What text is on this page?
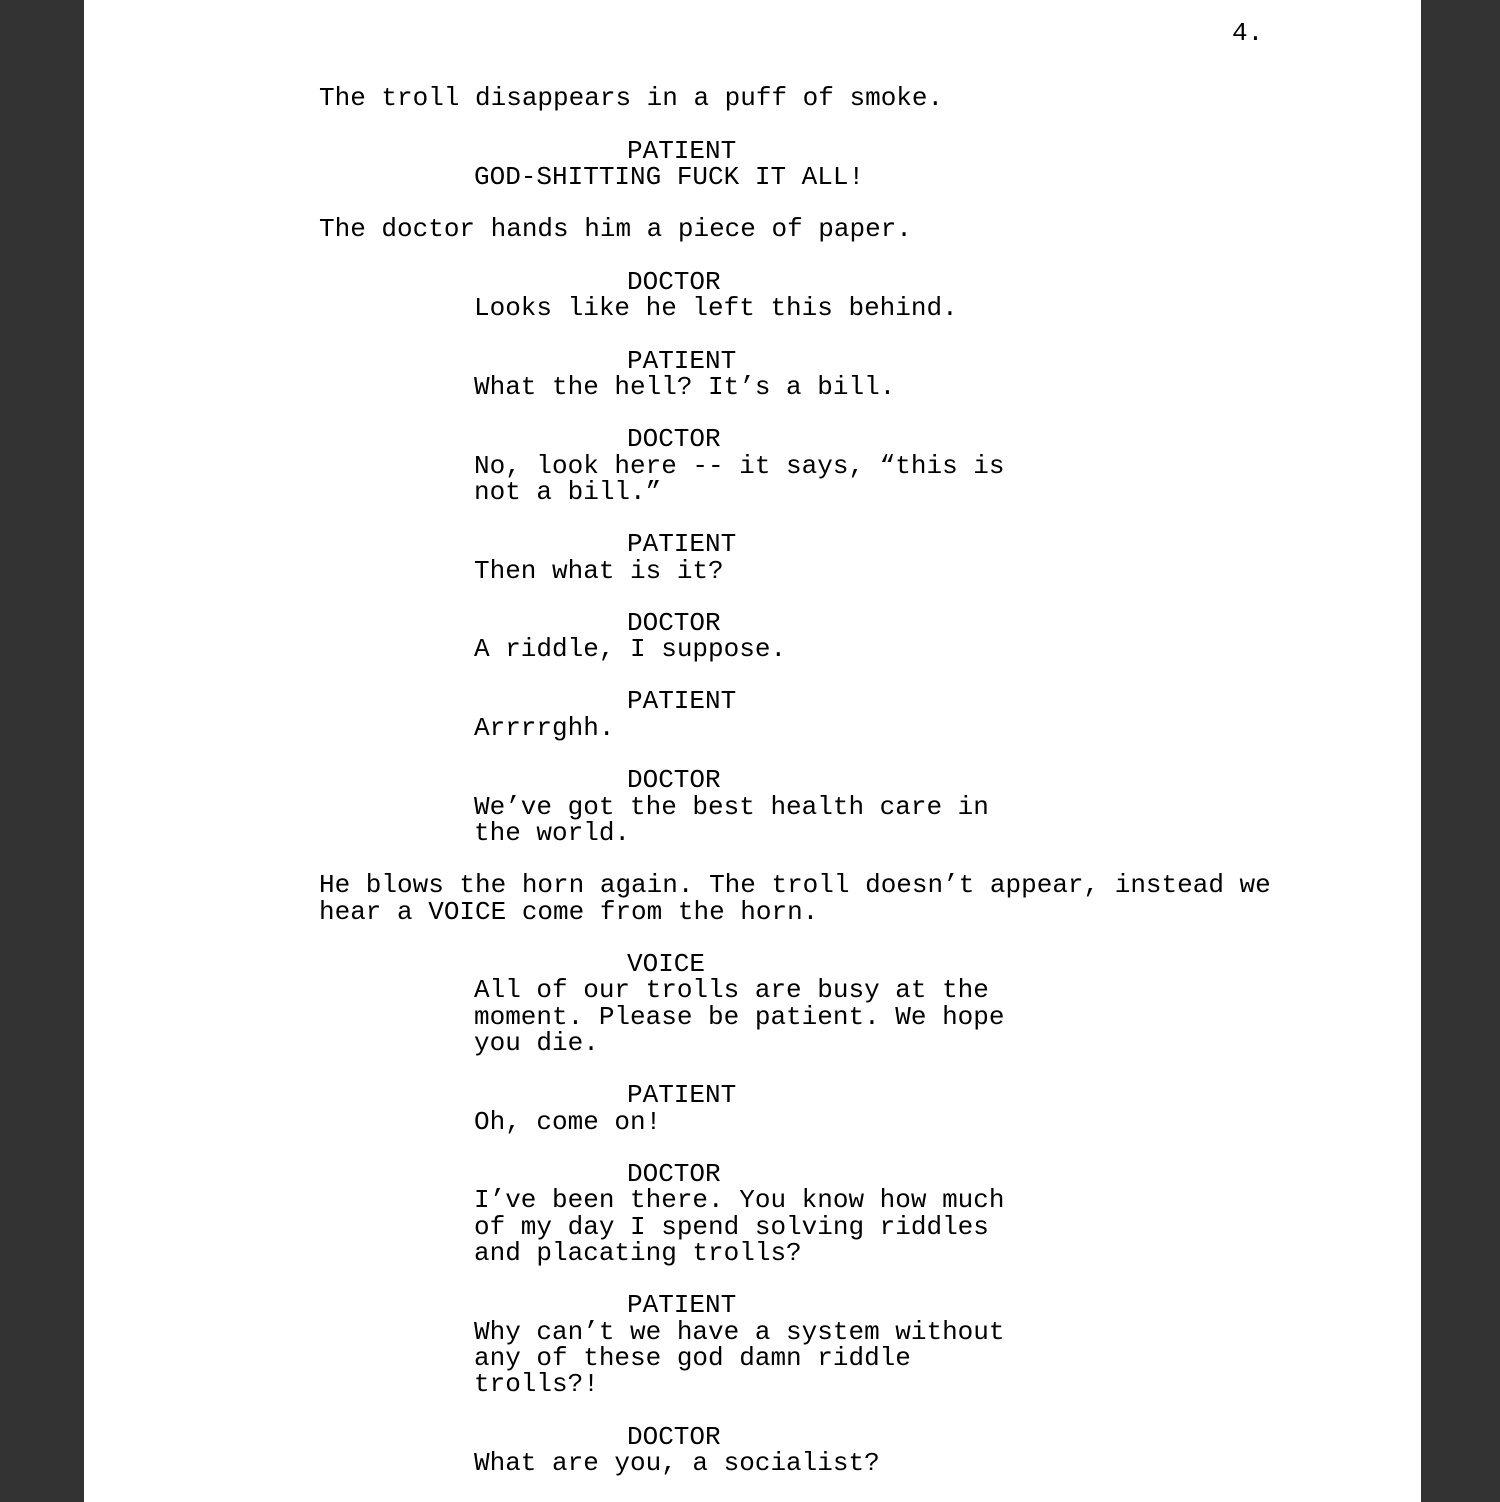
4.
The troll disappears in a puff of smoke.
PATIENT
GOD-SHITTING FUCK IT ALL!
The doctor hands him a piece of paper.
DOCTOR
Looks like he left this behind.
PATIENT
What the hell? It’s a bill.
DOCTOR
No, look here -- it says, “this is
not a bill.”
PATIENT
Then what is it?
DOCTOR
A riddle, I suppose.
PATIENT
Arrrrghh.
DOCTOR
We’ve got the best health care in
the world.
He blows the horn again. The troll doesn’t appear, instead we
hear a VOICE come from the horn.
VOICE
All of our trolls are busy at the
moment. Please be patient. We hope
you die.
PATIENT
Oh, come on!
DOCTOR
I’ve been there. You know how much
of my day I spend solving riddles
and placating trolls?
PATIENT
Why can’t we have a system without
any of these god damn riddle
trolls?!
DOCTOR
What are you, a socialist?
